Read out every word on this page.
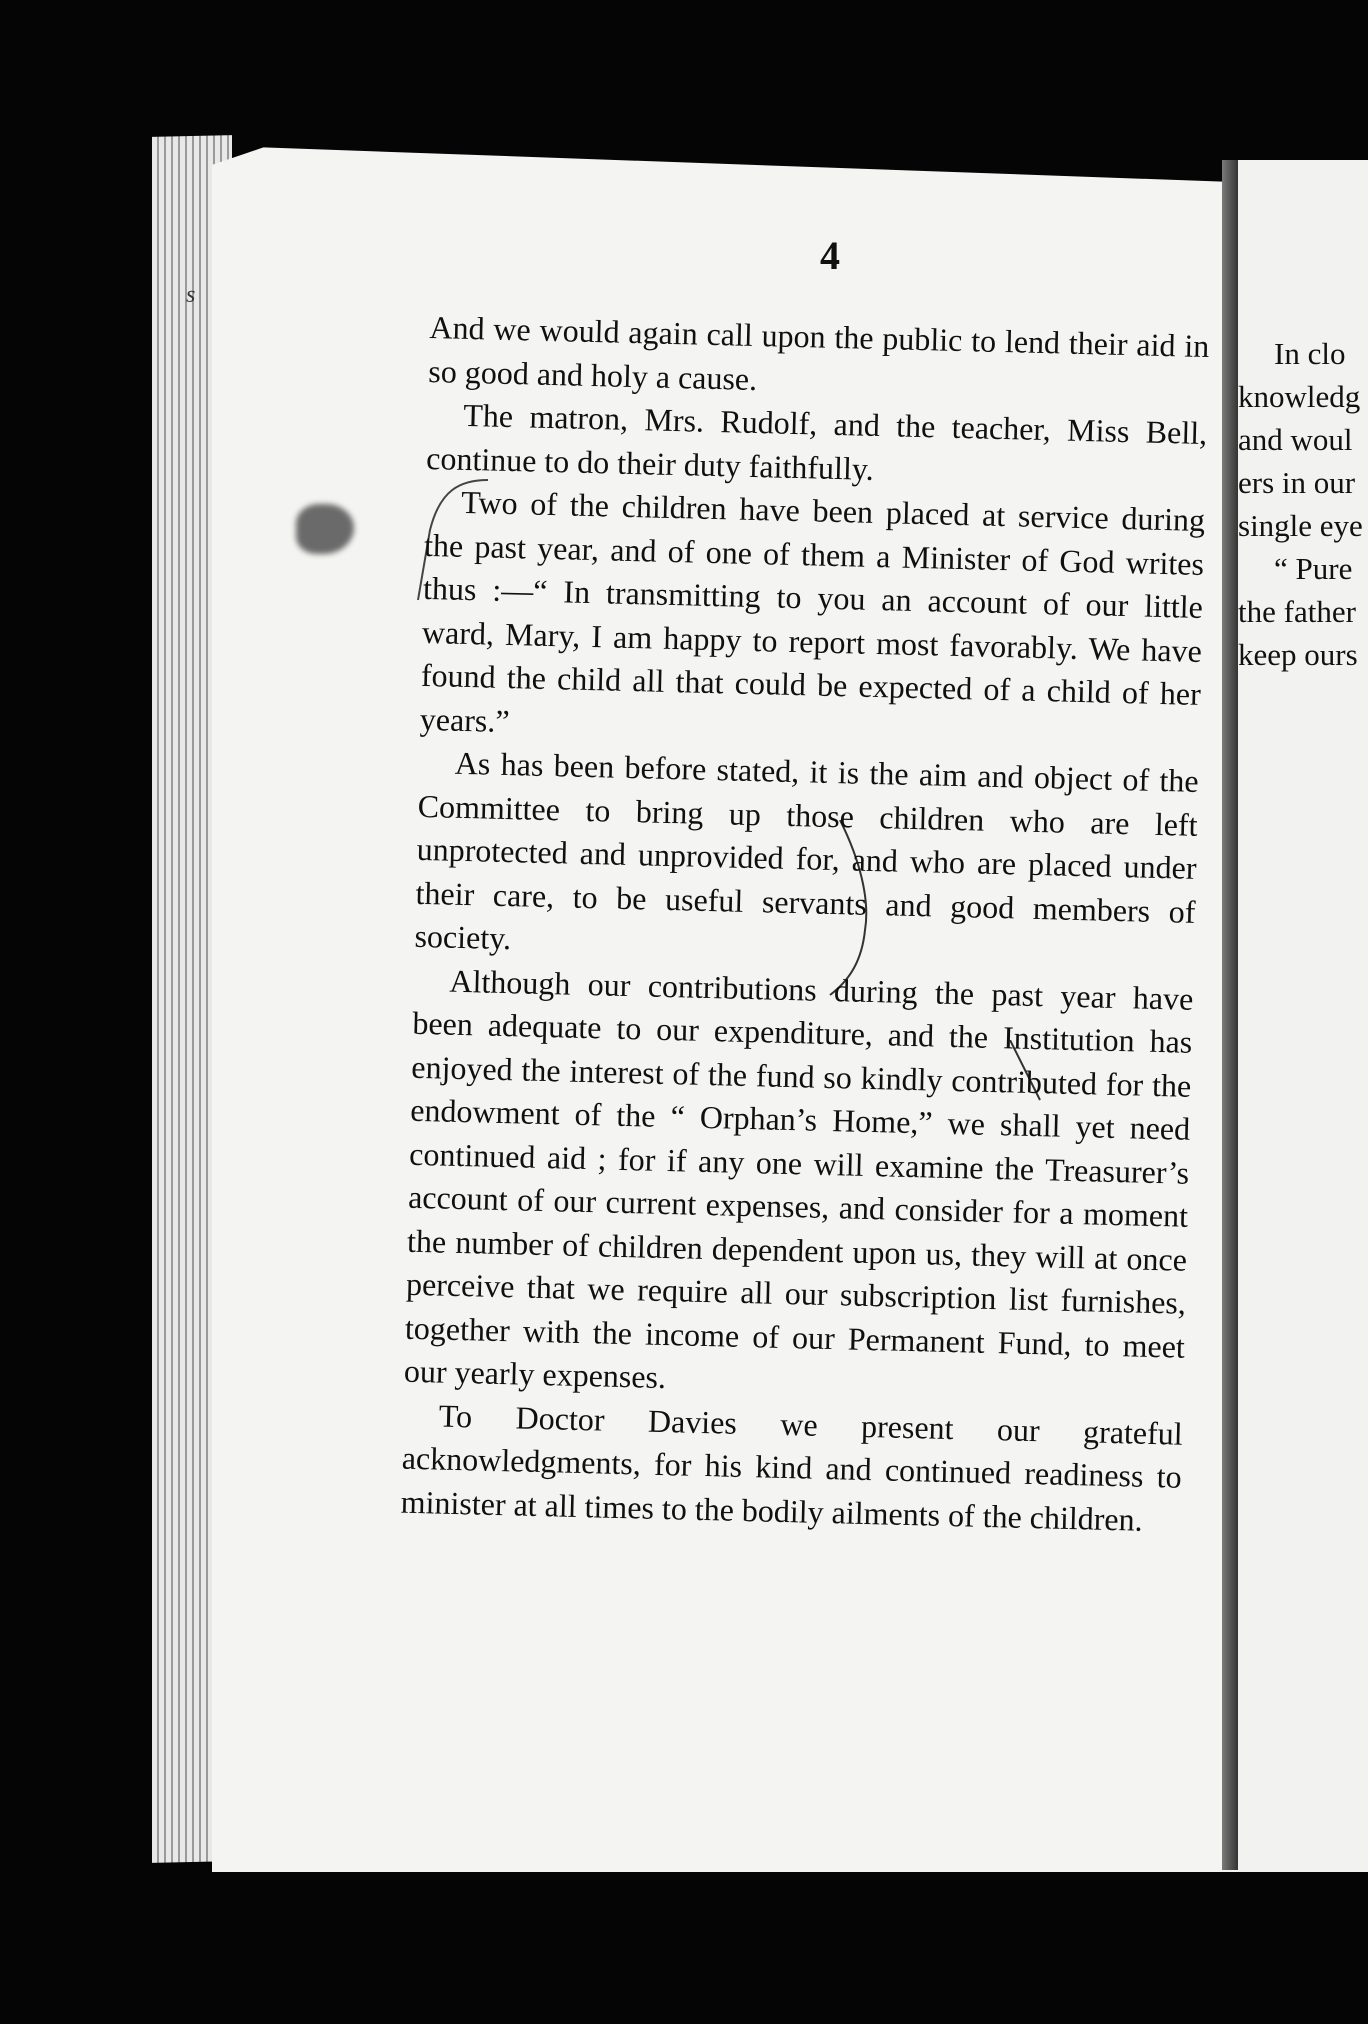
In clo
knowledg
and woul
ers in our
single eye
“ Pure
the father
keep ours
s
4

And we would again call upon the public to lend their aid in so good and holy a cause.

The matron, Mrs. Rudolf, and the teacher, Miss Bell, continue to do their duty faithfully.

Two of the children have been placed at service during the past year, and of one of them a Minister of God writes thus :—“ In transmitting to you an account of our little ward, Mary, I am happy to report most favorably. We have found the child all that could be expected of a child of her years.”

As has been before stated, it is the aim and object of the Committee to bring up those children who are left unprotected and unprovided for, and who are placed under their care, to be useful servants and good members of society.

Although our contributions during the past year have been adequate to our expenditure, and the Institution has enjoyed the interest of the fund so kindly contributed for the endowment of the “ Orphan’s Home,” we shall yet need continued aid ; for if any one will examine the Treasurer’s account of our current expenses, and consider for a moment the number of children dependent upon us, they will at once perceive that we require all our subscription list furnishes, together with the income of our Permanent Fund, to meet our yearly expenses.

To Doctor Davies we present our grateful acknowledgments, for his kind and continued readiness to minister at all times to the bodily ailments of the children.
